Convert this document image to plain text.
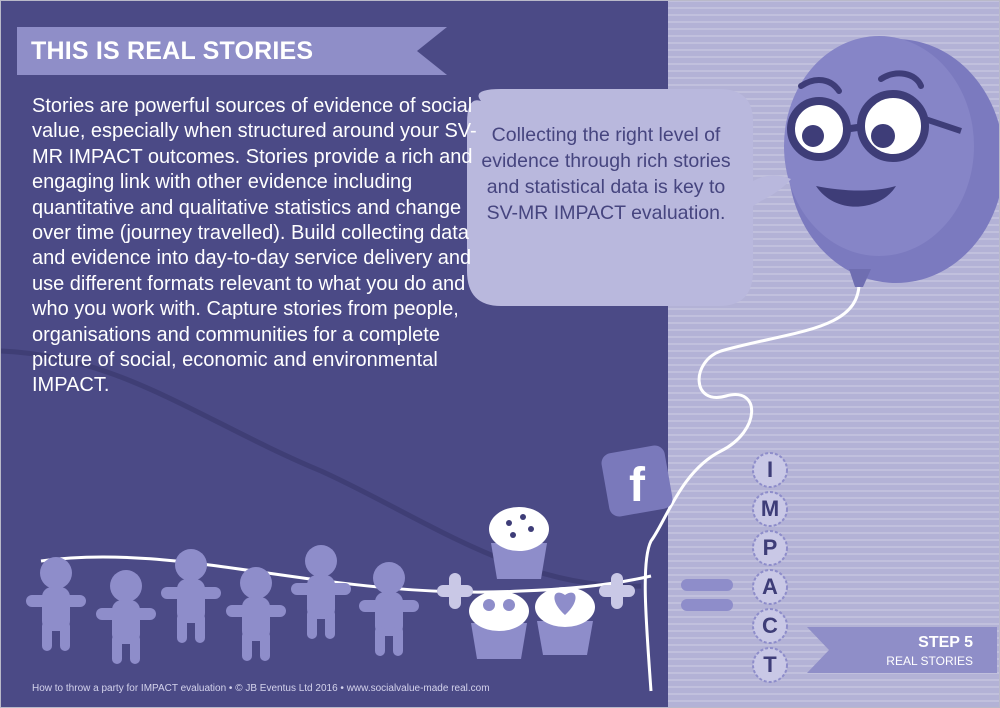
f
THIS IS REAL STORIES
Stories are powerful sources of evidence of social value, especially when structured around your SV-MR IMPACT outcomes. Stories provide a rich and engaging link with other evidence including quantitative and qualitative statistics and change over time (journey travelled). Build collecting data and evidence into day-to-day service delivery and use different formats relevant to what you do and who you work with. Capture stories from people, organisations and communities for a complete picture of social, economic and environmental IMPACT.
Collecting the right level of evidence through rich stories and statistical data is key to SV-MR IMPACT evaluation.
I
M
P
A
C
T
STEP 5
REAL STORIES
How to throw a party for IMPACT evaluation • © JB Eventus Ltd 2016 • www.socialvalue-made real.com
